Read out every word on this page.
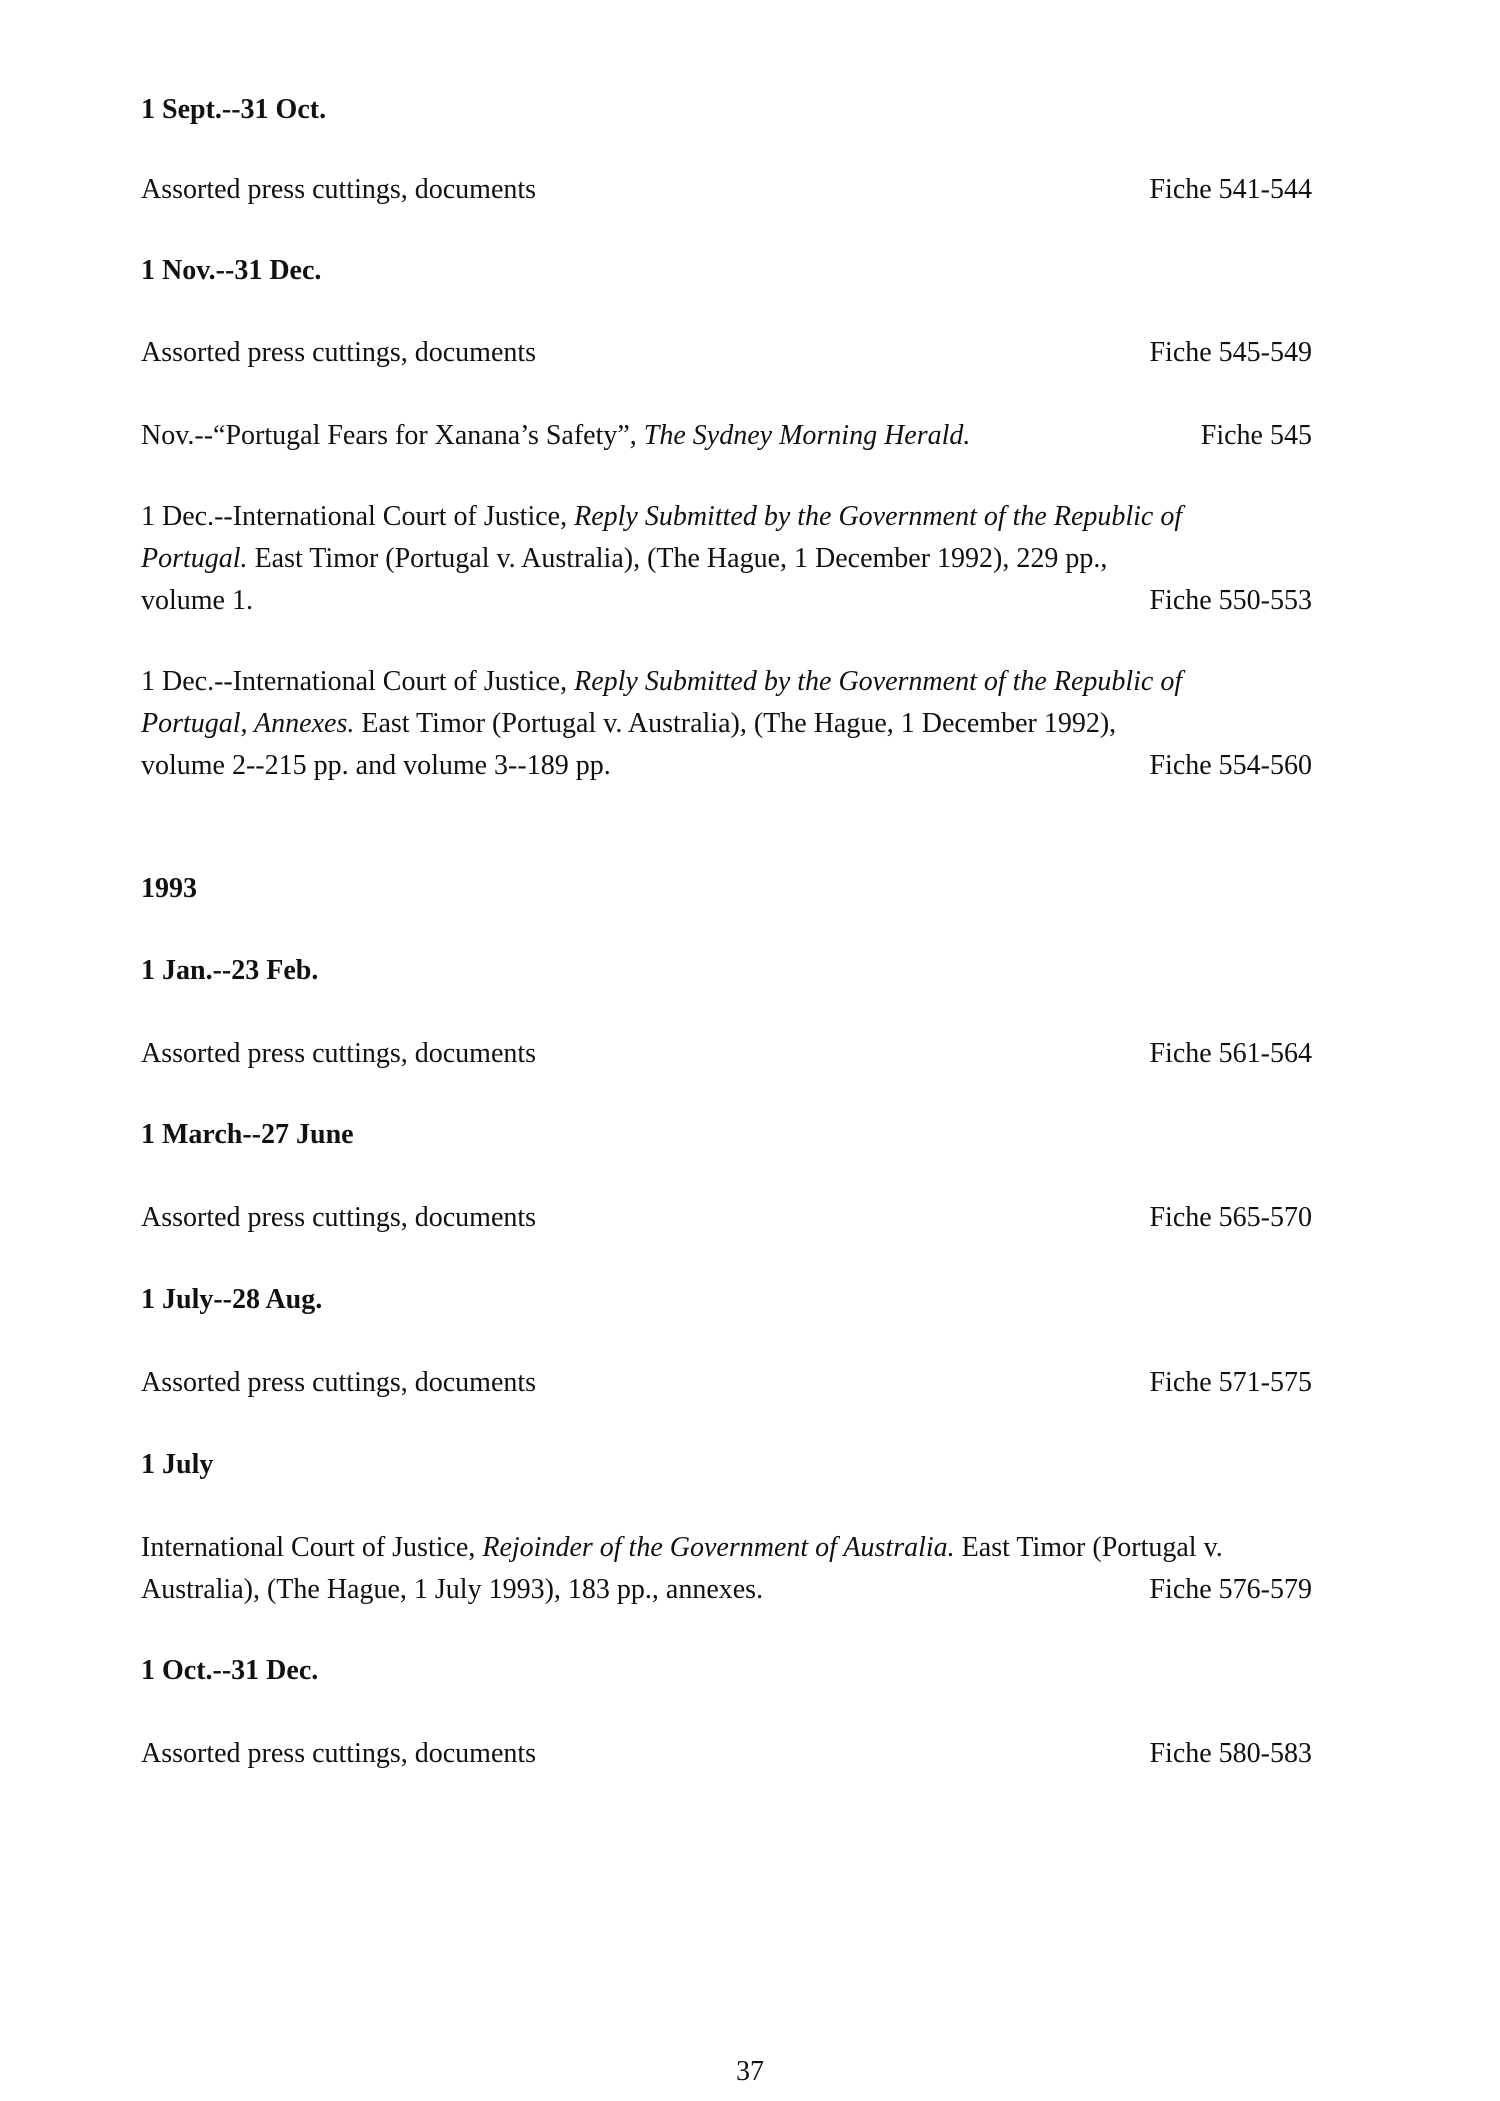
1 Sept.--31 Oct.
Assorted press cuttings, documents	Fiche 541-544
1 Nov.--31 Dec.
Assorted press cuttings, documents	Fiche 545-549
Nov.--“Portugal Fears for Xanana’s Safety”, The Sydney Morning Herald.	Fiche 545
1 Dec.--International Court of Justice, Reply Submitted by the Government of the Republic of
Portugal. East Timor (Portugal v. Australia), (The Hague, 1 December 1992), 229 pp.,
volume 1.	Fiche 550-553
1 Dec.--International Court of Justice, Reply Submitted by the Government of the Republic of
Portugal, Annexes. East Timor (Portugal v. Australia), (The Hague, 1 December 1992),
volume 2--215 pp. and volume 3--189 pp.	Fiche 554-560
1993
1 Jan.--23 Feb.
Assorted press cuttings, documents	Fiche 561-564
1 March--27 June
Assorted press cuttings, documents	Fiche 565-570
1 July--28 Aug.
Assorted press cuttings, documents	Fiche 571-575
1 July
International Court of Justice, Rejoinder of the Government of Australia. East Timor (Portugal v.
Australia), (The Hague, 1 July 1993), 183 pp., annexes.	Fiche 576-579
1 Oct.--31 Dec.
Assorted press cuttings, documents	Fiche 580-583
37
